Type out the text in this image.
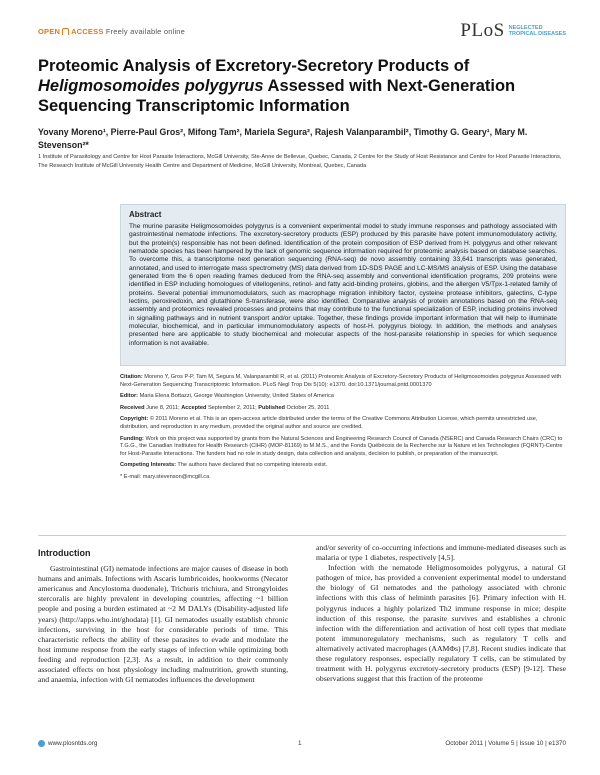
OPEN ACCESS Freely available online	PLoS NEGLECTED
TROPICAL DISEASES
Proteomic Analysis of Excretory-Secretory Products of Heligmosomoides polygyrus Assessed with Next-Generation Sequencing Transcriptomic Information
Yovany Moreno¹, Pierre-Paul Gros², Mifong Tam², Mariela Segura², Rajesh Valanparambil², Timothy G. Geary¹, Mary M. Stevenson²*
1 Institute of Parasitology and Centre for Host Parasite Interactions, McGill University, Ste-Anne de Bellevue, Quebec, Canada, 2 Centre for the Study of Host Resistance and Centre for Host Parasite Interactions, The Research Institute of McGill University Health Centre and Department of Medicine, McGill University, Montreal, Quebec, Canada
Abstract

The murine parasite Heligmosomoides polygyrus is a convenient experimental model to study immune responses and pathology associated with gastrointestinal nematode infections. The excretory-secretory products (ESP) produced by this parasite have potent immunomodulatory activity, but the protein(s) responsible has not been defined. Identification of the protein composition of ESP derived from H. polygyrus and other relevant nematode species has been hampered by the lack of genomic sequence information required for proteomic analysis based on database searches. To overcome this, a transcriptome next generation sequencing (RNA-seq) de novo assembly containing 33,641 transcripts was generated, annotated, and used to interrogate mass spectrometry (MS) data derived from 1D-SDS PAGE and LC-MS/MS analysis of ESP. Using the database generated from the 6 open reading frames deduced from the RNA-seq assembly and conventional identification programs, 209 proteins were identified in ESP including homologues of vitellogenins, retinol- and fatty acid-binding proteins, globins, and the allergen V5/Tpx-1-related family of proteins. Several potential immunomodulators, such as macrophage migration inhibitory factor, cysteine protease inhibitors, galectins, C-type lectins, peroxiredoxin, and glutathione S-transferase, were also identified. Comparative analysis of protein annotations based on the RNA-seq assembly and proteomics revealed processes and proteins that may contribute to the functional specialization of ESP, including proteins involved in signalling pathways and in nutrient transport and/or uptake. Together, these findings provide important information that will help to illuminate molecular, biochemical, and in particular immunomodulatory aspects of host-H. polygyrus biology. In addition, the methods and analyses presented here are applicable to study biochemical and molecular aspects of the host-parasite relationship in species for which sequence information is not available.

Citation: Moreno Y, Gros P-P, Tam M, Segura M, Valanparambil R, et al. (2011) Proteomic Analysis of Excretory-Secretory Products of Heligmosomoides polygyrus Assessed with Next-Generation Sequencing Transcriptomic Information. PLoS Negl Trop Dis 5(10): e1370. doi:10.1371/journal.pntd.0001370

Editor: Maria Elena Bottazzi, George Washington University, United States of America

Received June 8, 2011; Accepted September 2, 2011; Published October 25, 2011

Copyright: © 2011 Moreno et al. This is an open-access article distributed under the terms of the Creative Commons Attribution License, which permits unrestricted use, distribution, and reproduction in any medium, provided the original author and source are credited.

Funding: Work on this project was supported by grants from the Natural Sciences and Engineering Research Council of Canada (NSERC) and Canada Research Chairs (CRC) to T.G.G., the Canadian Institutes for Health Research (CIHR) (MOP-81169) to M.M.S., and the Fonds Québécois de la Recherche sur la Nature et les Technologies (FQRNT)-Centre for Host-Parasite Interactions. The funders had no role in study design, data collection and analysis, decision to publish, or preparation of the manuscript.

Competing Interests: The authors have declared that no competing interests exist.

* E-mail: mary.stevenson@mcgill.ca

Introduction

Gastrointestinal (GI) nematode infections are major causes of disease in both humans and animals. Infections with Ascaris lumbricoides, hookworms (Necator americanus and Ancylostoma duodenale), Trichuris trichiura, and Strongyloides stercoralis are highly prevalent in developing countries, affecting ~1 billion people and posing a burden estimated at ~2 M DALYs (Disability-adjusted life years) (http://apps.who.int/ghodata) [1]. GI nematodes usually establish chronic infections, surviving in the host for considerable periods of time. This characteristic reflects the ability of these parasites to evade and modulate the host immune response from the early stages of infection while optimizing both feeding and reproduction [2,3]. As a result, in addition to their commonly associated effects on host physiology including malnutrition, growth stunting, and anaemia, infection with GI nematodes influences the development

and/or severity of co-occurring infections and immune-mediated diseases such as malaria or type 1 diabetes, respectively [4,5].

Infection with the nematode Heligmosomoides polygyrus, a natural GI pathogen of mice, has provided a convenient experimental model to understand the biology of GI nematodes and the pathology associated with chronic infections with this class of helminth parasites [6]. Primary infection with H. polygyrus induces a highly polarized Th2 immune response in mice; despite induction of this response, the parasite survives and establishes a chronic infection with the differentiation and activation of host cell types that mediate potent immunoregulatory mechanisms, such as regulatory T cells and alternatively activated macrophages (AAMΦs) [7,8]. Recent studies indicate that these regulatory responses, especially regulatory T cells, can be stimulated by treatment with H. polygyrus excretory-secretory products (ESP) [9-12]. These observations suggest that this fraction of the proteome

www.plosntds.org	1	October 2011 | Volume 5 | Issue 10 | e1370
